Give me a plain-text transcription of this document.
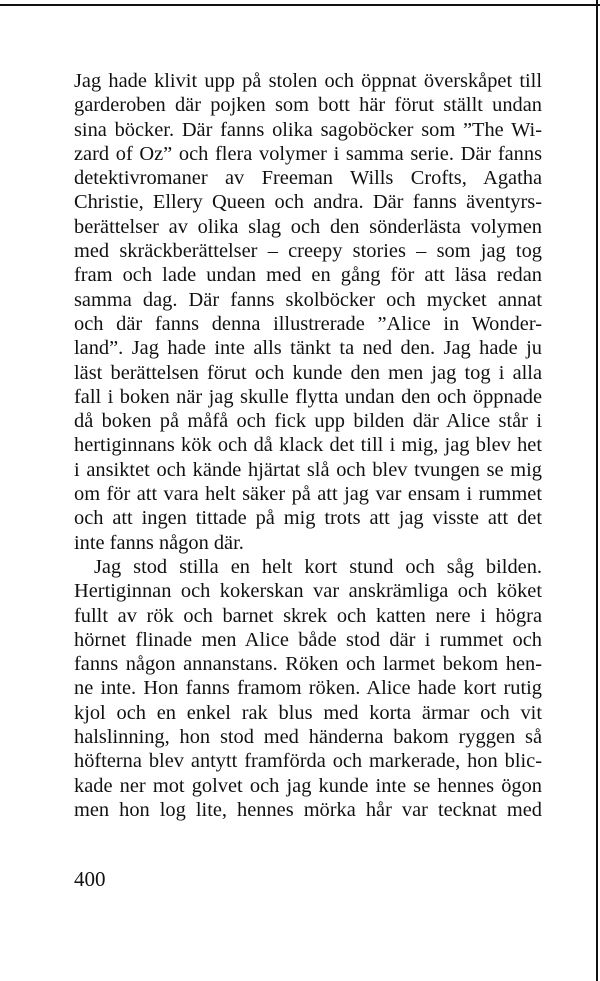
Jag hade klivit upp på stolen och öppnat överskåpet till
garderoben där pojken som bott här förut ställt undan
sina böcker. Där fanns olika sagoböcker som ”The Wi-
zard of Oz” och flera volymer i samma serie. Där fanns
detektivromaner av Freeman Wills Crofts, Agatha
Christie, Ellery Queen och andra. Där fanns äventyrs-
berättelser av olika slag och den sönderlästa volymen
med skräckberättelser – creepy stories – som jag tog
fram och lade undan med en gång för att läsa redan
samma dag. Där fanns skolböcker och mycket annat
och där fanns denna illustrerade ”Alice in Wonder-
land”. Jag hade inte alls tänkt ta ned den. Jag hade ju
läst berättelsen förut och kunde den men jag tog i alla
fall i boken när jag skulle flytta undan den och öppnade
då boken på måfå och fick upp bilden där Alice står i
hertiginnans kök och då klack det till i mig, jag blev het
i ansiktet och kände hjärtat slå och blev tvungen se mig
om för att vara helt säker på att jag var ensam i rummet
och att ingen tittade på mig trots att jag visste att det
inte fanns någon där.
Jag stod stilla en helt kort stund och såg bilden.
Hertiginnan och kokerskan var anskrämliga och köket
fullt av rök och barnet skrek och katten nere i högra
hörnet flinade men Alice både stod där i rummet och
fanns någon annanstans. Röken och larmet bekom hen-
ne inte. Hon fanns framom röken. Alice hade kort rutig
kjol och en enkel rak blus med korta ärmar och vit
halslinning, hon stod med händerna bakom ryggen så
höfterna blev antytt framförda och markerade, hon blic-
kade ner mot golvet och jag kunde inte se hennes ögon
men hon log lite, hennes mörka hår var tecknat med
400
